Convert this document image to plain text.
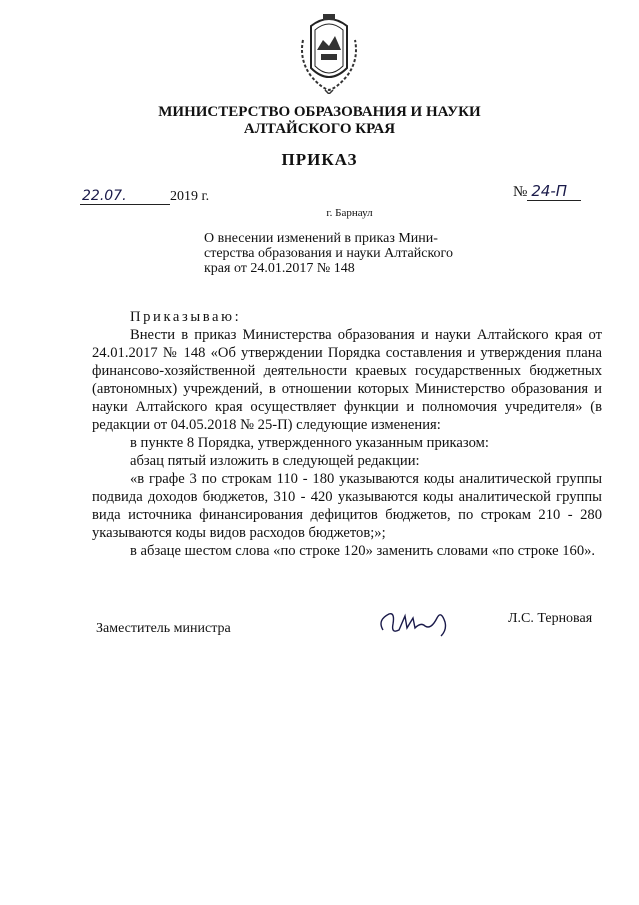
МИНИСТЕРСТВО ОБРАЗОВАНИЯ И НАУКИ
АЛТАЙСКОГО КРАЯ
ПРИКАЗ
22.07.	2019 г.	№ 24-П
г. Барнаул
О внесении изменений в приказ Мини-
стерства образования и науки Алтайского
края от 24.01.2017 № 148

Приказываю:

Внести в приказ Министерства образования и науки Алтайского края от 24.01.2017 № 148 «Об утверждении Порядка составления и утверждения плана финансово-хозяйственной деятельности краевых государственных бюджетных (автономных) учреждений, в отношении которых Министерство образования и науки Алтайского края осуществляет функции и полномочия учредителя» (в редакции от 04.05.2018 № 25-П) следующие изменения:

в пункте 8 Порядка, утвержденного указанным приказом:

абзац пятый изложить в следующей редакции:

«в графе 3 по строкам 110 - 180 указываются коды аналитической группы подвида доходов бюджетов, 310 - 420 указываются коды аналитической группы вида источника финансирования дефицитов бюджетов, по строкам 210 - 280 указываются коды видов расходов бюджетов;»;

в абзаце шестом слова «по строке 120» заменить словами «по строке 160».

Заместитель министра
Л.С. Терновая
